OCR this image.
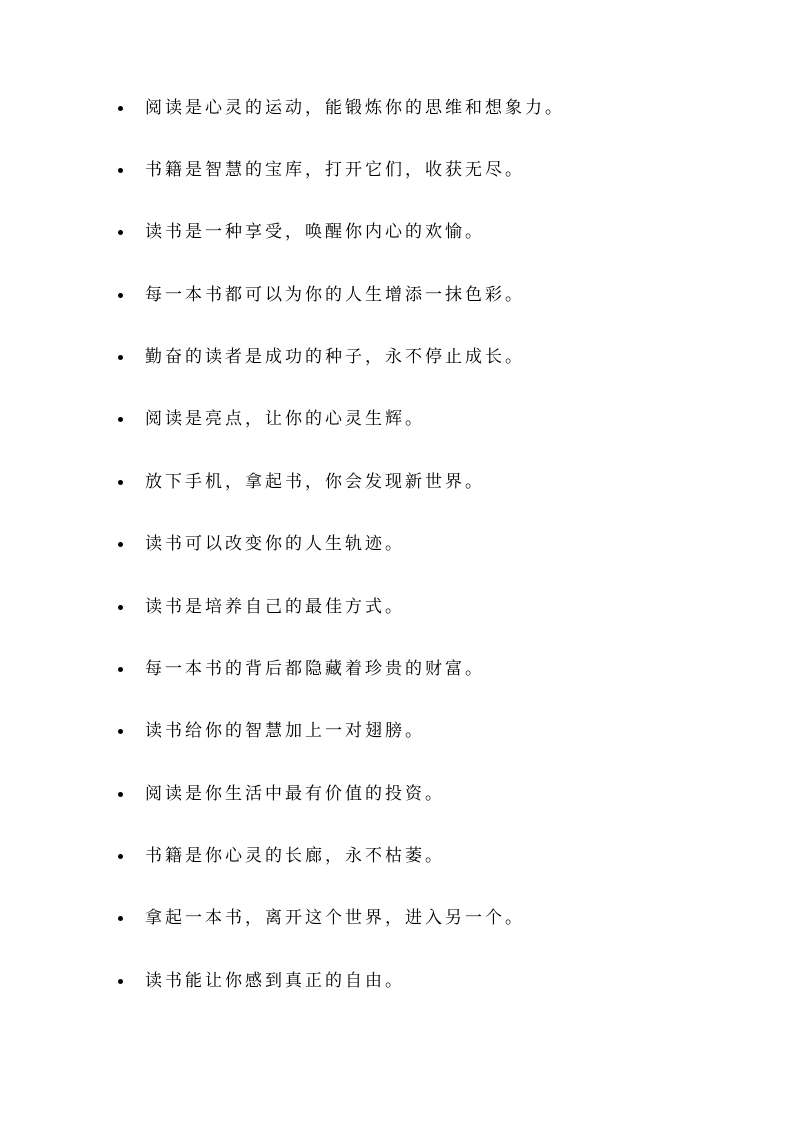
阅读是心灵的运动，能锻炼你的思维和想象力。
书籍是智慧的宝库，打开它们，收获无尽。
读书是一种享受，唤醒你内心的欢愉。
每一本书都可以为你的人生增添一抹色彩。
勤奋的读者是成功的种子，永不停止成长。
阅读是亮点，让你的心灵生辉。
放下手机，拿起书，你会发现新世界。
读书可以改变你的人生轨迹。
读书是培养自己的最佳方式。
每一本书的背后都隐藏着珍贵的财富。
读书给你的智慧加上一对翅膀。
阅读是你生活中最有价值的投资。
书籍是你心灵的长廊，永不枯萎。
拿起一本书，离开这个世界，进入另一个。
读书能让你感到真正的自由。
